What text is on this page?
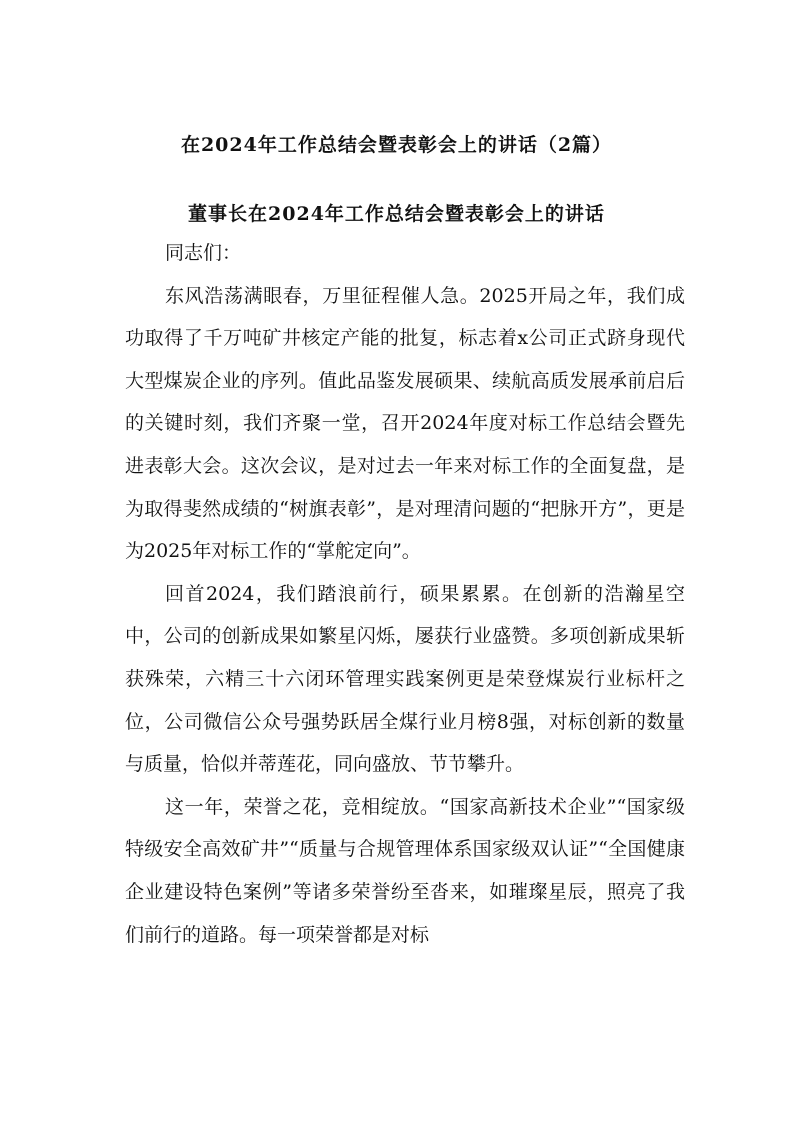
在2024年工作总结会暨表彰会上的讲话（2篇）
董事长在2024年工作总结会暨表彰会上的讲话

同志们：

东风浩荡满眼春，万里征程催人急。2025开局之年，我们成功取得了千万吨矿井核定产能的批复，标志着x公司正式跻身现代大型煤炭企业的序列。值此品鉴发展硕果、续航高质发展承前启后的关键时刻，我们齐聚一堂，召开2024年度对标工作总结会暨先进表彰大会。这次会议，是对过去一年来对标工作的全面复盘，是为取得斐然成绩的“树旗表彰”，是对理清问题的“把脉开方”，更是为2025年对标工作的“掌舵定向”。

回首2024，我们踏浪前行，硕果累累。在创新的浩瀚星空中，公司的创新成果如繁星闪烁，屡获行业盛赞。多项创新成果斩获殊荣，六精三十六闭环管理实践案例更是荣登煤炭行业标杆之位，公司微信公众号强势跃居全煤行业月榜8强，对标创新的数量与质量，恰似并蒂莲花，同向盛放、节节攀升。

这一年，荣誉之花，竞相绽放。“国家高新技术企业”“国家级特级安全高效矿井”“质量与合规管理体系国家级双认证”“全国健康企业建设特色案例”等诸多荣誉纷至沓来，如璀璨星辰，照亮了我们前行的道路。每一项荣誉都是对标
